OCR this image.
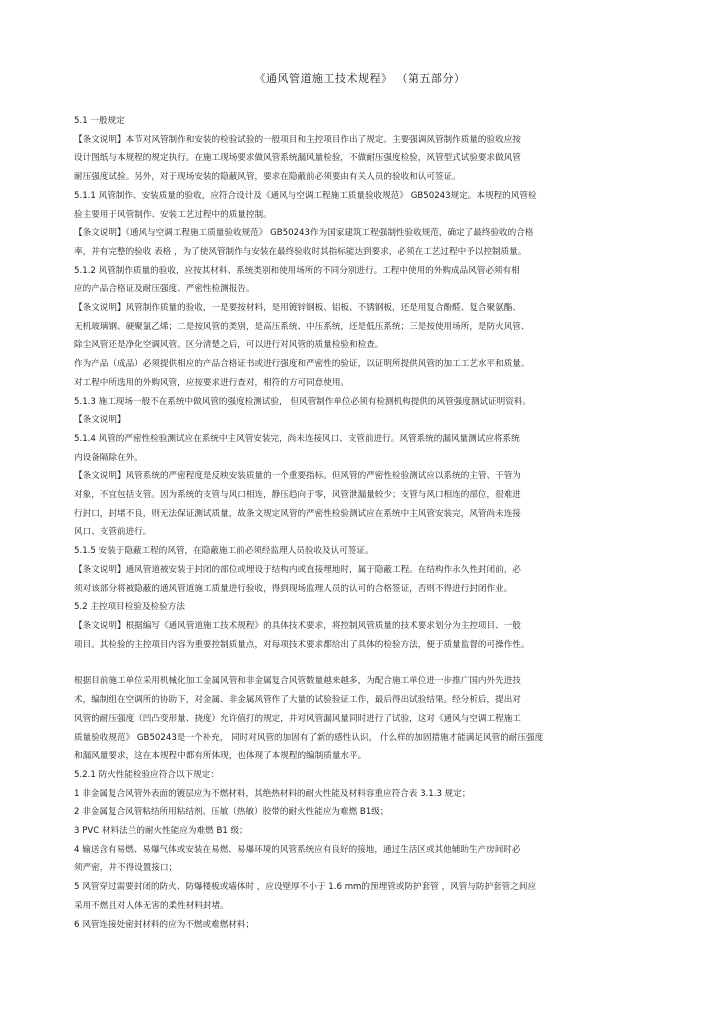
《通风管道施工技术规程》 （第五部分）
5.1 一般规定
【条文说明】本节对风管制作和安装的检验试验的一般项目和主控项目作出了规定。主要强调风管制作质量的验收应按
设计图纸与本规程的规定执行。在施工现场要求做风管系统漏风量检验，不做耐压强度检验，风管型式试验要求做风管
耐压强度试验。另外，对于现场安装的隐蔽风管，要求在隐蔽前必须要由有关人员的验收和认可签证。
5.1.1 风管制作、安装质量的验收，应符合设计及《通风与空调工程施工质量验收规范》 GB50243规定。本规程的风管检
验主要用于风管制作、安装工艺过程中的质量控制。
【条文说明】《通风与空调工程施工质量验收规范》 GB50243作为国家建筑工程强制性验收规范，确定了最终验收的合格
率，并有完整的验收 表格 ，为了使风管制作与安装在最终验收时其指标能达到要求，必须在工艺过程中予以控制质量。
5.1.2 风管制作质量的验收，应按其材料、系统类别和使用场所的不同分别进行。工程中使用的外购成品风管必须有相
应的产品合格证及耐压强度、严密性检测报告。
【条文说明】风管制作质量的验收，一是要按材料，是用镀锌钢板、铝板、不锈钢板，还是用复合酚醛、复合聚氨酯、
无机玻璃钢、硬聚氯乙烯；二是按风管的类别，是高压系统、中压系统，还是低压系统；三是按使用场所，是防火风管、
除尘风管还是净化空调风管。区分清楚之后，可以进行对风管的质量检验和检查。
作为产品（成品）必须提供相应的产品合格证书或进行强度和严密性的验证，以证明所提供风管的加工工艺水平和质量。
对工程中所选用的外购风管，应按要求进行查对，相符的方可同意使用。
5.1.3 施工现场一般不在系统中做风管的强度检测试验， 但风管制作单位必须有检测机构提供的风管强度测试证明资料。
【条文说明】
5.1.4 风管的严密性检验测试应在系统中主风管安装完，尚未连接风口、支管前进行。风管系统的漏风量测试应将系统
内设备隔除在外。
【条文说明】风管系统的严密程度是反映安装质量的一个重要指标。但风管的严密性检验测试应以系统的主管、干管为
对象，不宜包括支管。因为系统的支管与风口相连，静压趋向于零，风管泄漏量较少；支管与风口相连的部位，很难进
行封口，封堵不良，则无法保证测试质量，故条文规定风管的严密性检验测试应在系统中主风管安装完，风管尚未连接
风口、支管前进行。
5.1.5 安装于隐蔽工程的风管，在隐蔽施工前必须经监理人员验收及认可签证。
【条文说明】通风管道被安装于封闭的部位或埋设于结构内或直接埋地时，属于隐蔽工程。在结构作永久性封闭前，必
须对该部分将被隐蔽的通风管道施工质量进行验收，得到现场监理人员的认可的合格签证，否则不得进行封闭作业。
5.2 主控项目检验及检验方法
【条文说明】根据编写《通风管道施工技术规程》的具体技术要求，将控制风管质量的技术要求划分为主控项目、一般
项目。其检验的主控项目内容为重要控制质量点，对每项技术要求都给出了具体的检验方法，便于质量监督的可操作性。
根据目前施工单位采用机械化加工金属风管和非金属复合风管数量越来越多，为配合施工单位进一步推广国内外先进技
术，编制组在空调所的协助下，对金属、非金属风管作了大量的试验验证工作，最后得出试验结果。经分析后，提出对
风管的耐压强度（凹凸变形量、挠度）允许值打的规定，并对风管漏风量同时进行了试验，这对《通风与空调工程施工
质量验收规范》 GB50243是一个补充， 同时对风管的加固有了新的感性认识， 什么样的加固措施才能满足风管的耐压强度
和漏风量要求，这在本规程中都有所体现，也体现了本规程的编制质量水平。
5.2.1 防火性能检验应符合以下规定：
1 非金属复合风管外表面的镀层应为不燃材料，其绝热材料的耐火性能及材料容重应符合表 3.1.3 规定；
2 非金属复合风管粘结所用粘结剂、压敏（热敏）胶带的耐火性能应为难燃 B1级；
3 PVC 材料法兰的耐火性能应为难燃 B1 级；
4 输送含有易燃、易爆气体或安装在易燃、易爆环境的风管系统应有良好的接地，通过生活区或其他辅助生产房间时必
须严密，并不得设置接口；
5 风管穿过需要封闭的防火、防爆楼板或墙体时 ，应设壁厚不小于 1.6 mm的预埋管或防护套管 ，风管与防护套管之间应
采用不燃且对人体无害的柔性材料封堵。
6 风管连接处密封材料的应为不燃或难燃材料；
